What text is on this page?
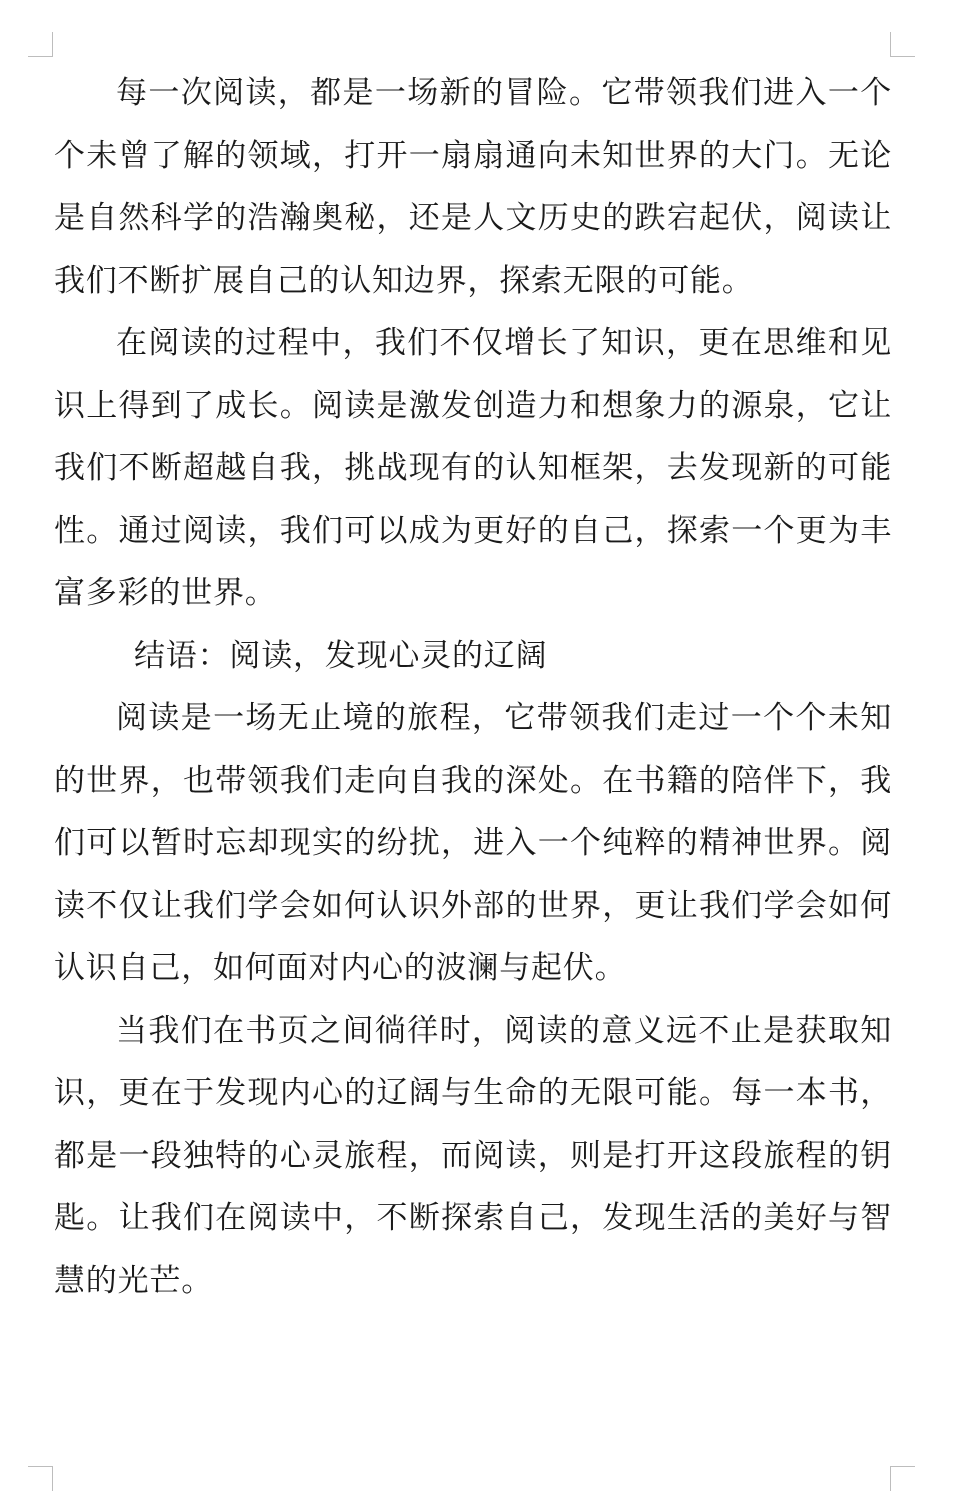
每一次阅读，都是一场新的冒险。它带领我们进入一个个未曾了解的领域，打开一扇扇通向未知世界的大门。无论是自然科学的浩瀚奥秘，还是人文历史的跌宕起伏，阅读让我们不断扩展自己的认知边界，探索无限的可能。

在阅读的过程中，我们不仅增长了知识，更在思维和见识上得到了成长。阅读是激发创造力和想象力的源泉，它让我们不断超越自我，挑战现有的认知框架，去发现新的可能性。通过阅读，我们可以成为更好的自己，探索一个更为丰富多彩的世界。

结语：阅读，发现心灵的辽阔

阅读是一场无止境的旅程，它带领我们走过一个个未知的世界，也带领我们走向自我的深处。在书籍的陪伴下，我们可以暂时忘却现实的纷扰，进入一个纯粹的精神世界。阅读不仅让我们学会如何认识外部的世界，更让我们学会如何认识自己，如何面对内心的波澜与起伏。

当我们在书页之间徜徉时，阅读的意义远不止是获取知识，更在于发现内心的辽阔与生命的无限可能。每一本书，都是一段独特的心灵旅程，而阅读，则是打开这段旅程的钥匙。让我们在阅读中，不断探索自己，发现生活的美好与智慧的光芒。
